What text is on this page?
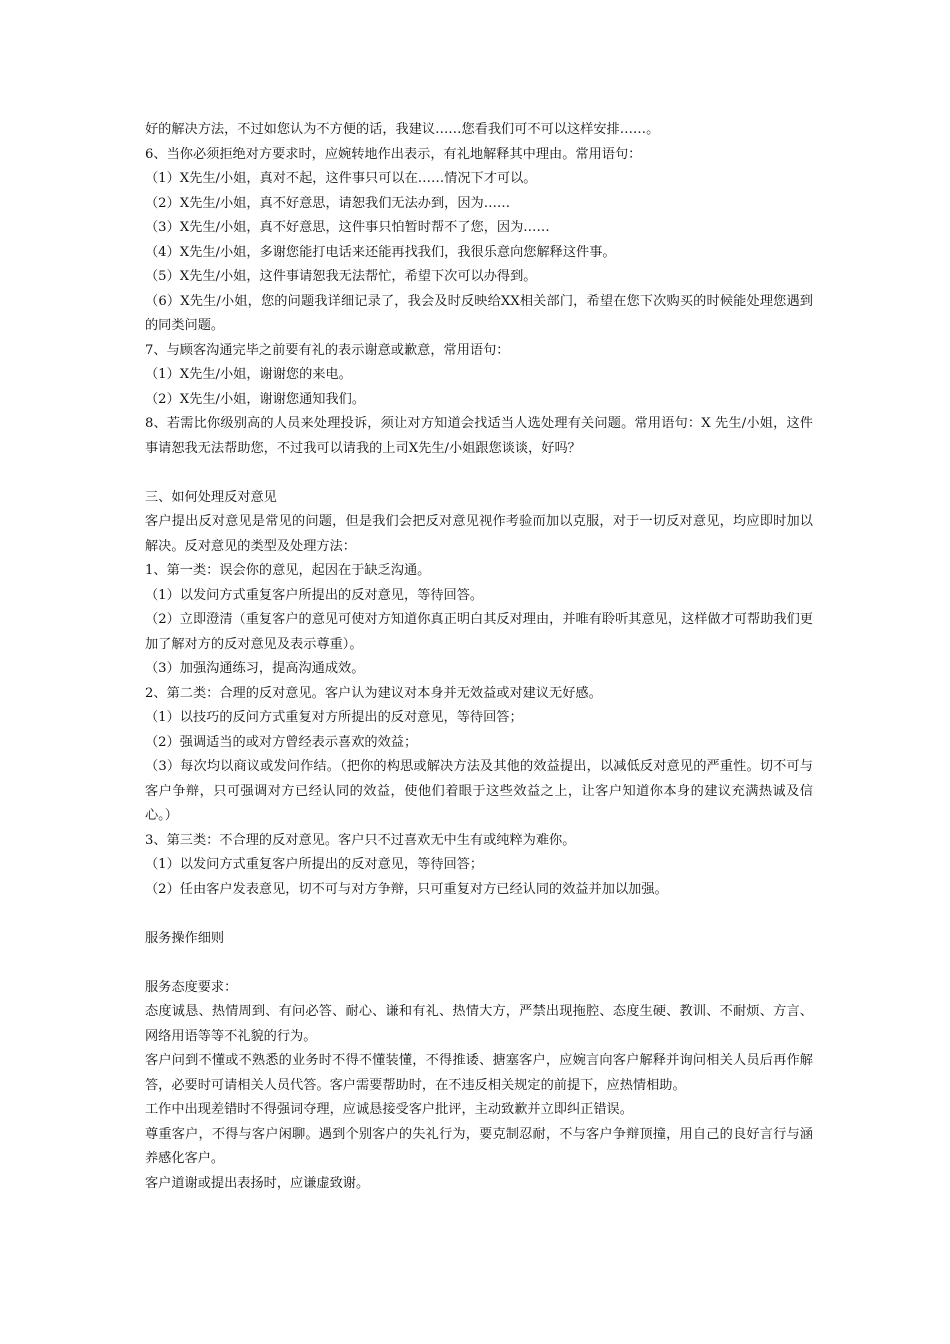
好的解决方法，不过如您认为不方便的话，我建议……您看我们可不可以这样安排……。
6、当你必须拒绝对方要求时，应婉转地作出表示，有礼地解释其中理由。常用语句：
（1）X先生/小姐，真对不起，这件事只可以在……情况下才可以。
（2）X先生/小姐，真不好意思，请恕我们无法办到，因为……
（3）X先生/小姐，真不好意思，这件事只怕暂时帮不了您，因为……
（4）X先生/小姐，多谢您能打电话来还能再找我们，我很乐意向您解释这件事。
（5）X先生/小姐，这件事请恕我无法帮忙，希望下次可以办得到。
（6）X先生/小姐，您的问题我详细记录了，我会及时反映给XX相关部门，希望在您下次购买的时候能处理您遇到的同类问题。
7、与顾客沟通完毕之前要有礼的表示谢意或歉意，常用语句：
（1）X先生/小姐，谢谢您的来电。
（2）X先生/小姐，谢谢您通知我们。
8、若需比你级别高的人员来处理投诉，须让对方知道会找适当人选处理有关问题。常用语句：X 先生/小姐，这件事请恕我无法帮助您，不过我可以请我的上司X先生/小姐跟您谈谈，好吗？
三、如何处理反对意见
客户提出反对意见是常见的问题，但是我们会把反对意见视作考验而加以克服，对于一切反对意见，均应即时加以解决。反对意见的类型及处理方法：
1、第一类：误会你的意见，起因在于缺乏沟通。
（1）以发问方式重复客户所提出的反对意见，等待回答。
（2）立即澄清（重复客户的意见可使对方知道你真正明白其反对理由，并唯有聆听其意见，这样做才可帮助我们更加了解对方的反对意见及表示尊重）。
（3）加强沟通练习，提高沟通成效。
2、第二类：合理的反对意见。客户认为建议对本身并无效益或对建议无好感。
（1）以技巧的反问方式重复对方所提出的反对意见，等待回答；
（2）强调适当的或对方曾经表示喜欢的效益；
（3）每次均以商议或发问作结。（把你的构思或解决方法及其他的效益提出，以减低反对意见的严重性。切不可与客户争辩，只可强调对方已经认同的效益，使他们着眼于这些效益之上，让客户知道你本身的建议充满热诚及信心。）
3、第三类：不合理的反对意见。客户只不过喜欢无中生有或纯粹为难你。
（1）以发问方式重复客户所提出的反对意见，等待回答；
（2）任由客户发表意见，切不可与对方争辩，只可重复对方已经认同的效益并加以加强。
服务操作细则
服务态度要求：
态度诚恳、热情周到、有问必答、耐心、谦和有礼、热情大方，严禁出现拖腔、态度生硬、教训、不耐烦、方言、网络用语等等不礼貌的行为。
客户问到不懂或不熟悉的业务时不得不懂装懂，不得推诿、搪塞客户，应婉言向客户解释并询问相关人员后再作解答，必要时可请相关人员代答。客户需要帮助时，在不违反相关规定的前提下，应热情相助。
工作中出现差错时不得强词夺理，应诚恳接受客户批评，主动致歉并立即纠正错误。
尊重客户，不得与客户闲聊。遇到个别客户的失礼行为，要克制忍耐，不与客户争辩顶撞，用自己的良好言行与涵养感化客户。
客户道谢或提出表扬时，应谦虚致谢。
